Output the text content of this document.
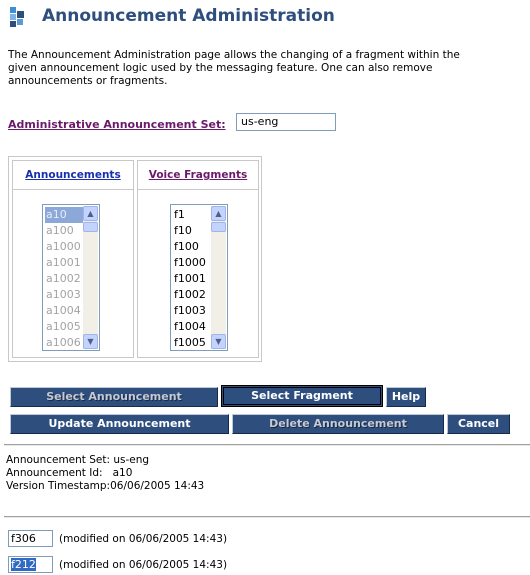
Announcement Administration
The Announcement Administration page allows the changing of a fragment within the given announcement logic used by the messaging feature. One can also remove announcements or fragments.
Administrative Announcement Set:	us-eng
Announcements
a10
a100
a1000
a1001
a1002
a1003
a1004
a1005
a1006
▲
▼
Voice Fragments
f1
f10
f100
f1000
f1001
f1002
f1003
f1004
f1005
▲
▼
Select Announcement	Select Fragment	Help
Update Announcement	Delete Announcement	Cancel
Announcement Set: us-eng
Announcement Id: a10
Version Timestamp:06/06/2005 14:43
f306	(modified on 06/06/2005 14:43)
f212	(modified on 06/06/2005 14:43)
